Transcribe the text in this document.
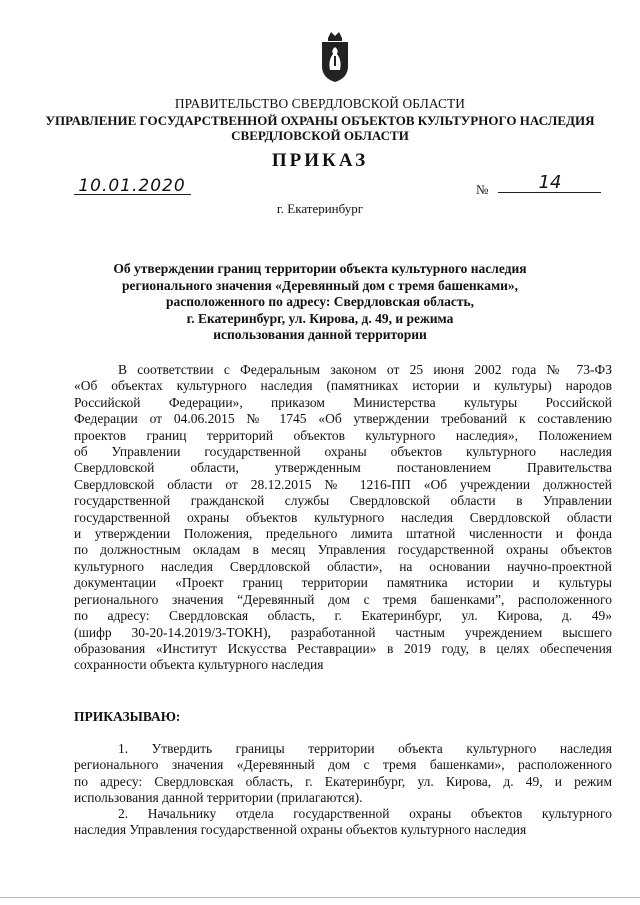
ПРАВИТЕЛЬСТВО СВЕРДЛОВСКОЙ ОБЛАСТИ
УПРАВЛЕНИЕ ГОСУДАРСТВЕННОЙ ОХРАНЫ ОБЪЕКТОВ КУЛЬТУРНОГО НАСЛЕДИЯ
СВЕРДЛОВСКОЙ ОБЛАСТИ
ПРИКАЗ
10.01.2020	№	14
г. Екатеринбург
Об утверждении границ территории объекта культурного наследия
регионального значения «Деревянный дом с тремя башенками»,
расположенного по адресу: Свердловская область,
г. Екатеринбург, ул. Кирова, д. 49, и режима
использования данной территории
В соответствии с Федеральным законом от 25 июня 2002 года № 73-ФЗ
«Об объектах культурного наследия (памятниках истории и культуры) народов
Российской Федерации», приказом Министерства культуры Российской
Федерации от 04.06.2015 № 1745 «Об утверждении требований к составлению
проектов границ территорий объектов культурного наследия», Положением
об Управлении государственной охраны объектов культурного наследия
Свердловской области, утвержденным постановлением Правительства
Свердловской области от 28.12.2015 № 1216-ПП «Об учреждении должностей
государственной гражданской службы Свердловской области в Управлении
государственной охраны объектов культурного наследия Свердловской области
и утверждении Положения, предельного лимита штатной численности и фонда
по должностным окладам в месяц Управления государственной охраны объектов
культурного наследия Свердловской области», на основании научно-проектной
документации «Проект границ территории памятника истории и культуры
регионального значения “Деревянный дом с тремя башенками”, расположенного
по адресу: Свердловская область, г. Екатеринбург, ул. Кирова, д. 49»
(шифр 30-20-14.2019/3-ТОКН), разработанной частным учреждением высшего
образования «Институт Искусства Реставрации» в 2019 году, в целях обеспечения
сохранности объекта культурного наследия
ПРИКАЗЫВАЮ:
1. Утвердить границы территории объекта культурного наследия
регионального значения «Деревянный дом с тремя башенками», расположенного
по адресу: Свердловская область, г. Екатеринбург, ул. Кирова, д. 49, и режим
использования данной территории (прилагаются).
2. Начальнику отдела государственной охраны объектов культурного
наследия Управления государственной охраны объектов культурного наследия
